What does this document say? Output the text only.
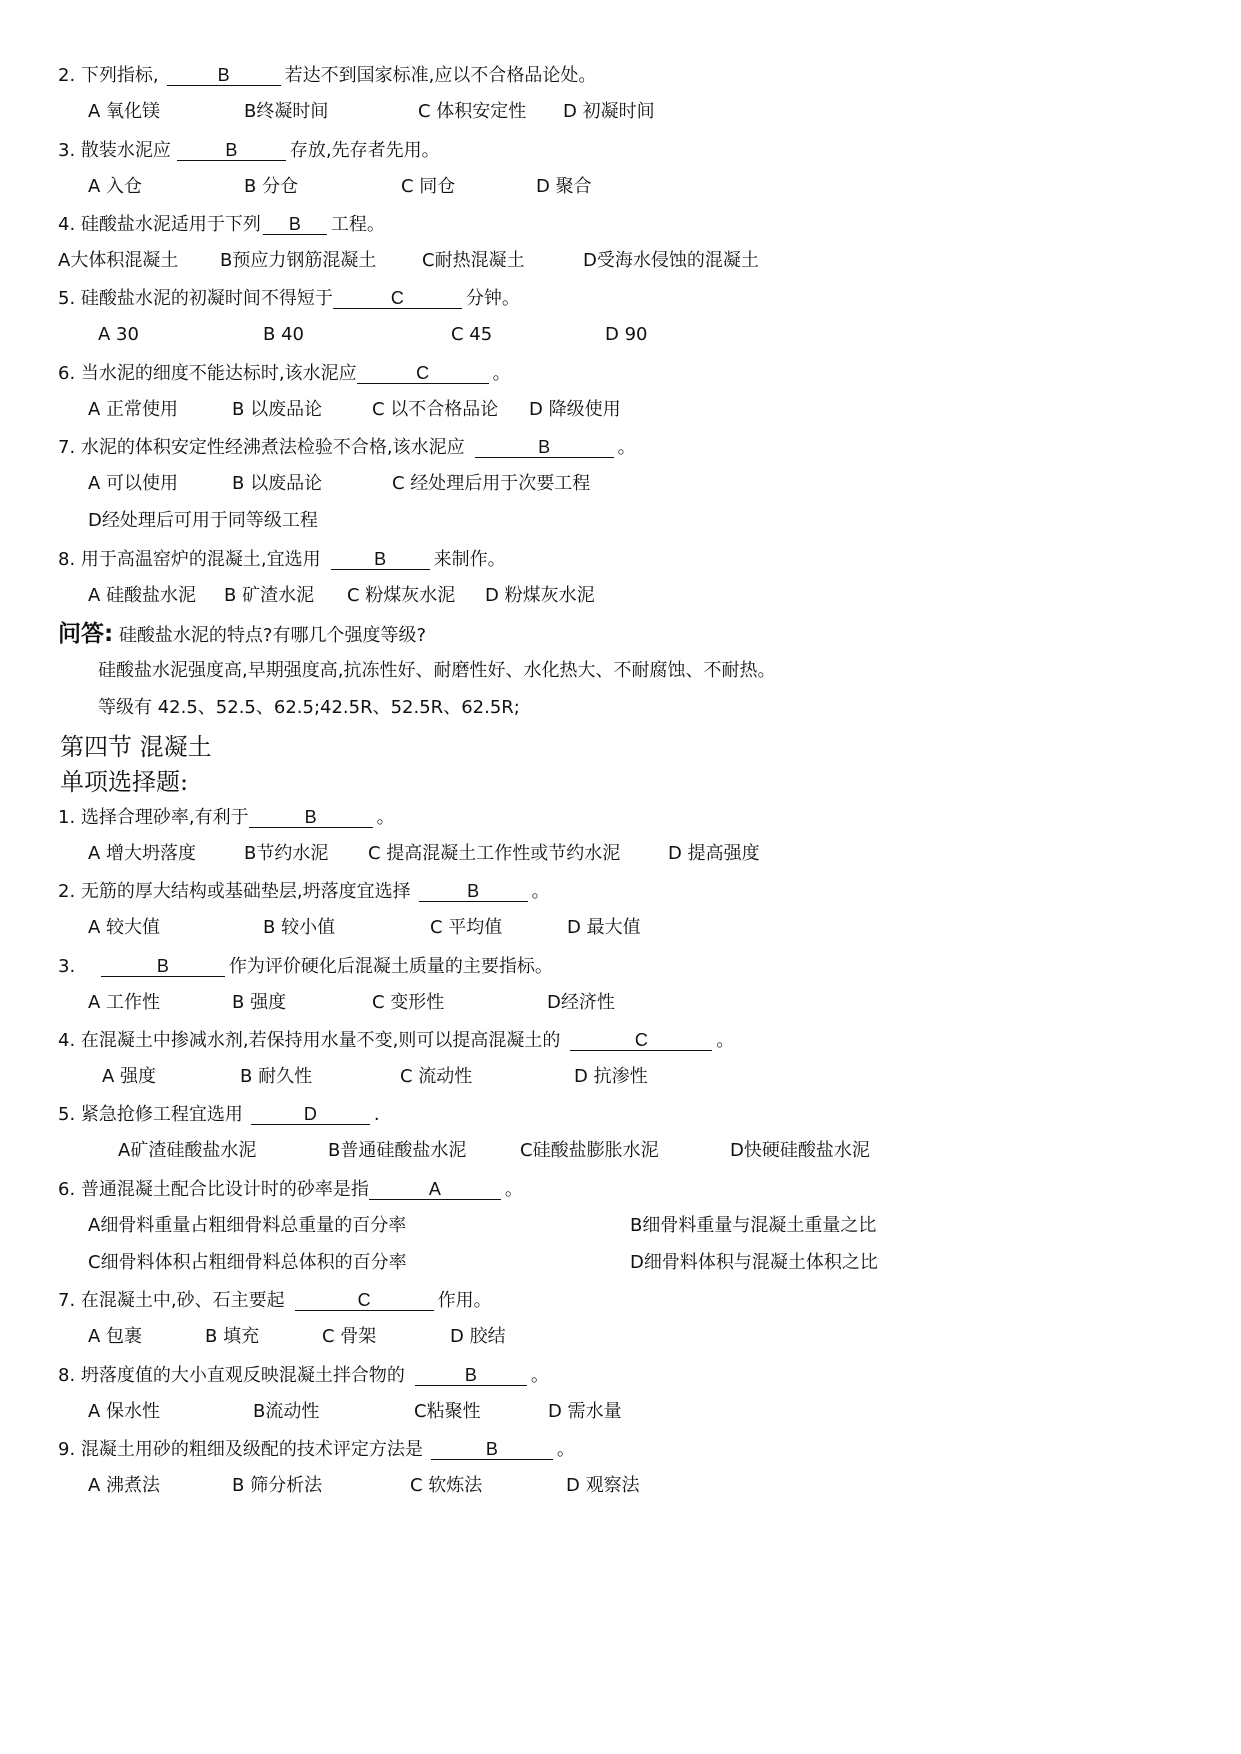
2. 下列指标,	B	若达不到国家标准,应以不合格品论处。
A 氧化镁	B终凝时间	C 体积安定性 D 初凝时间
3. 散装水泥应	B	存放,先存者先用。
A 入仓	B 分仓	C 同仓	D 聚合
4. 硅酸盐水泥适用于下列 B 工程。
A大体积混凝土 B预应力钢筋混凝土	C耐热混凝土	D受海水侵蚀的混凝土
5. 硅酸盐水泥的初凝时间不得短于	C	分钟。
A 30	B 40	C 45	D 90
6. 当水泥的细度不能达标时,该水泥应	C	。
A 正常使用	B 以废品论	C 以不合格品论 D 降级使用
7. 水泥的体积安定性经沸煮法检验不合格,该水泥应	B	。
A 可以使用	B 以废品论	C 经处理后用于次要工程
D经处理后可用于同等级工程
8. 用于高温窑炉的混凝土,宜选用	B	来制作。
A 硅酸盐水泥 B 矿渣水泥 C 粉煤灰水泥 D 粉煤灰水泥
问答: 硅酸盐水泥的特点?有哪几个强度等级?
硅酸盐水泥强度高,早期强度高,抗冻性好、耐磨性好、水化热大、不耐腐蚀、不耐热。
等级有 42.5、52.5、62.5;42.5R、52.5R、62.5R;
第四节 混凝土
单项选择题:
1. 选择合理砂率,有利于	B	。
A 增大坍落度	B节约水泥 C 提高混凝土工作性或节约水泥	D 提高强度
2. 无筋的厚大结构或基础垫层,坍落度宜选择	B	。
A 较大值	B 较小值	C 平均值	D 最大值
3.	B	作为评价硬化后混凝土质量的主要指标。
A 工作性	B 强度	C 变形性	D经济性
4. 在混凝土中掺减水剂,若保持用水量不变,则可以提高混凝土的	C	。
A 强度	B 耐久性	C 流动性	D 抗渗性
5. 紧急抢修工程宜选用	D	.
A矿渣硅酸盐水泥	B普通硅酸盐水泥	C硅酸盐膨胀水泥	D快硬硅酸盐水泥
6. 普通混凝土配合比设计时的砂率是指	A	。
A细骨料重量占粗细骨料总重量的百分率	B细骨料重量与混凝土重量之比
C细骨料体积占粗细骨料总体积的百分率	D细骨料体积与混凝土体积之比
7. 在混凝土中,砂、石主要起	C	作用。
A 包裹	B 填充	C 骨架	D 胶结
8. 坍落度值的大小直观反映混凝土拌合物的	B	。
A 保水性	B流动性	C粘聚性	D 需水量
9. 混凝土用砂的粗细及级配的技术评定方法是	B	。
A 沸煮法	B 筛分析法	C 软炼法	D 观察法
